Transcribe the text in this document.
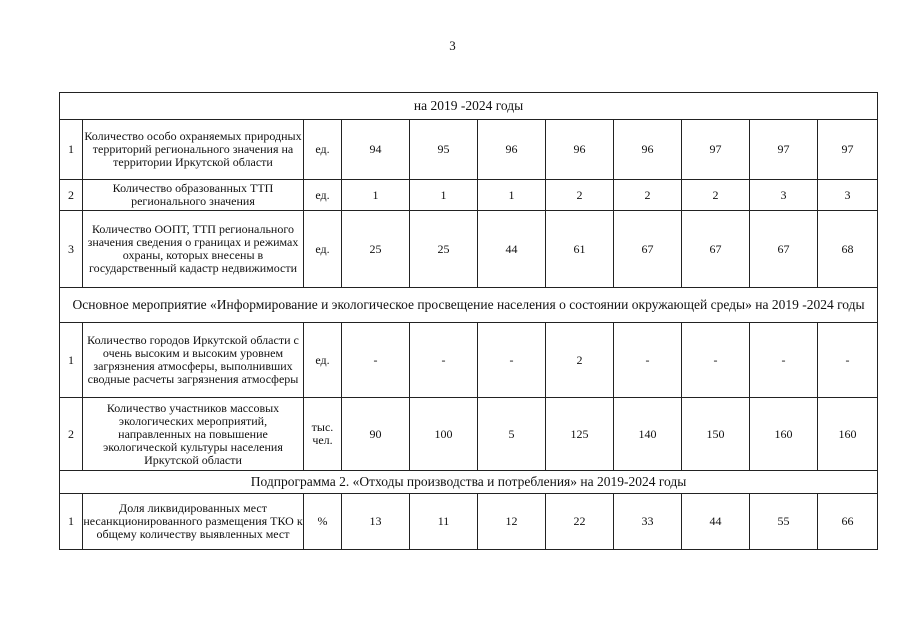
3
на 2019 -2024 годы										
1	Количество особо охраняемых природных территорий регионального значения на территории Иркутской области	ед.	94	95	96	96	96	97	97	97
2	Количество образованных ТТП регионального значения	ед.	1	1	1	2	2	2	3	3
3	Количество ООПТ, ТТП регионального значения сведения о границах и режимах охраны, которых внесены в государственный кадастр недвижимости	ед.	25	25	44	61	67	67	67	68
Основное мероприятие «Информирование и экологическое просвещение населения о состоянии окружающей среды» на 2019 -2024 годы										
1	Количество городов Иркутской области с очень высоким и высоким уровнем загрязнения атмосферы, выполнивших сводные расчеты загрязнения атмосферы	ед.	-	-	-	2	-	-	-	-
2	Количество участников массовых экологических мероприятий, направленных на повышение экологической культуры населения Иркутской области	тыс. чел.	90	100	5	125	140	150	160	160
Подпрограмма 2. «Отходы производства и потребления» на 2019-2024 годы										
1	Доля ликвидированных мест несанкционированного размещения ТКО к общему количеству выявленных мест	%	13	11	12	22	33	44	55	66
